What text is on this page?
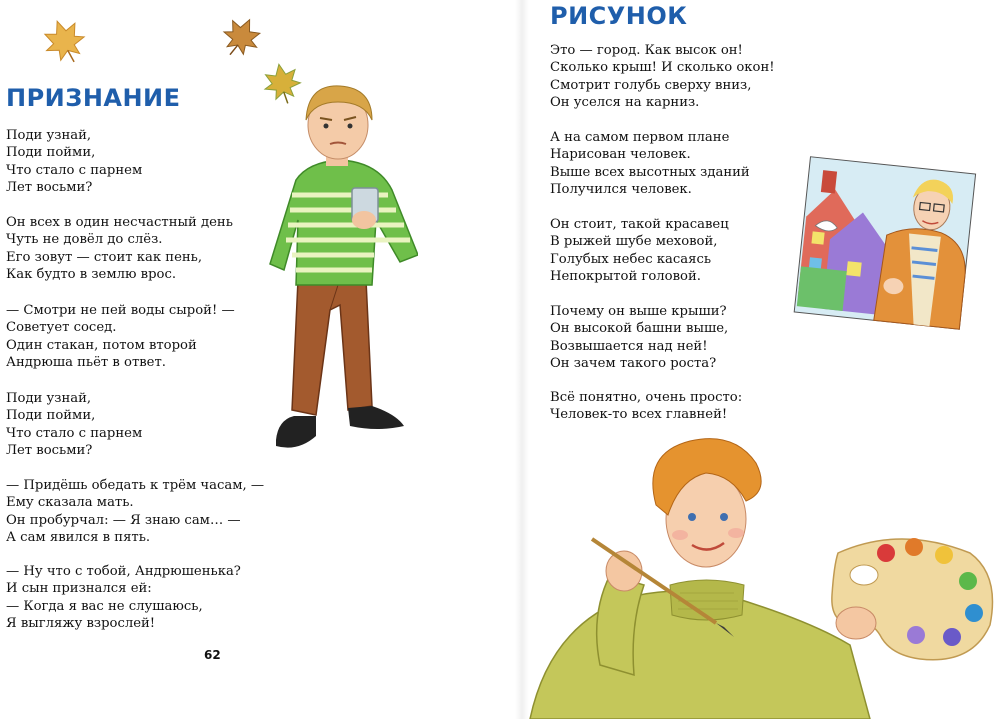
ПРИЗНАНИЕ
Поди узнай,
Поди пойми,
Что стало с парнем
Лет восьми?
Он всех в один несчастный день
Чуть не довёл до слёз.
Его зовут — стоит как пень,
Как будто в землю врос.
— Смотри не пей воды сырой! —
Советует сосед.
Один стакан, потом второй
Андрюша пьёт в ответ.
Поди узнай,
Поди пойми,
Что стало с парнем
Лет восьми?
— Придёшь обедать к трём часам, —
Ему сказала мать.
Он пробурчал: — Я знаю сам… —
А сам явился в пять.
— Ну что с тобой, Андрюшенька?
И сын признался ей:
— Когда я вас не слушаюсь,
Я выгляжу взрослей!
62
РИСУНОК
Это — город. Как высок он!
Сколько крыш! И сколько окон!
Смотрит голубь сверху вниз,
Он уселся на карниз.
А на самом первом плане
Нарисован человек.
Выше всех высотных зданий
Получился человек.
Он стоит, такой красавец
В рыжей шубе меховой,
Голубых небес касаясь
Непокрытой головой.
Почему он выше крыши?
Он высокой башни выше,
Возвышается над ней!
Он зачем такого роста?
Всё понятно, очень просто:
Человек-то всех главней!
